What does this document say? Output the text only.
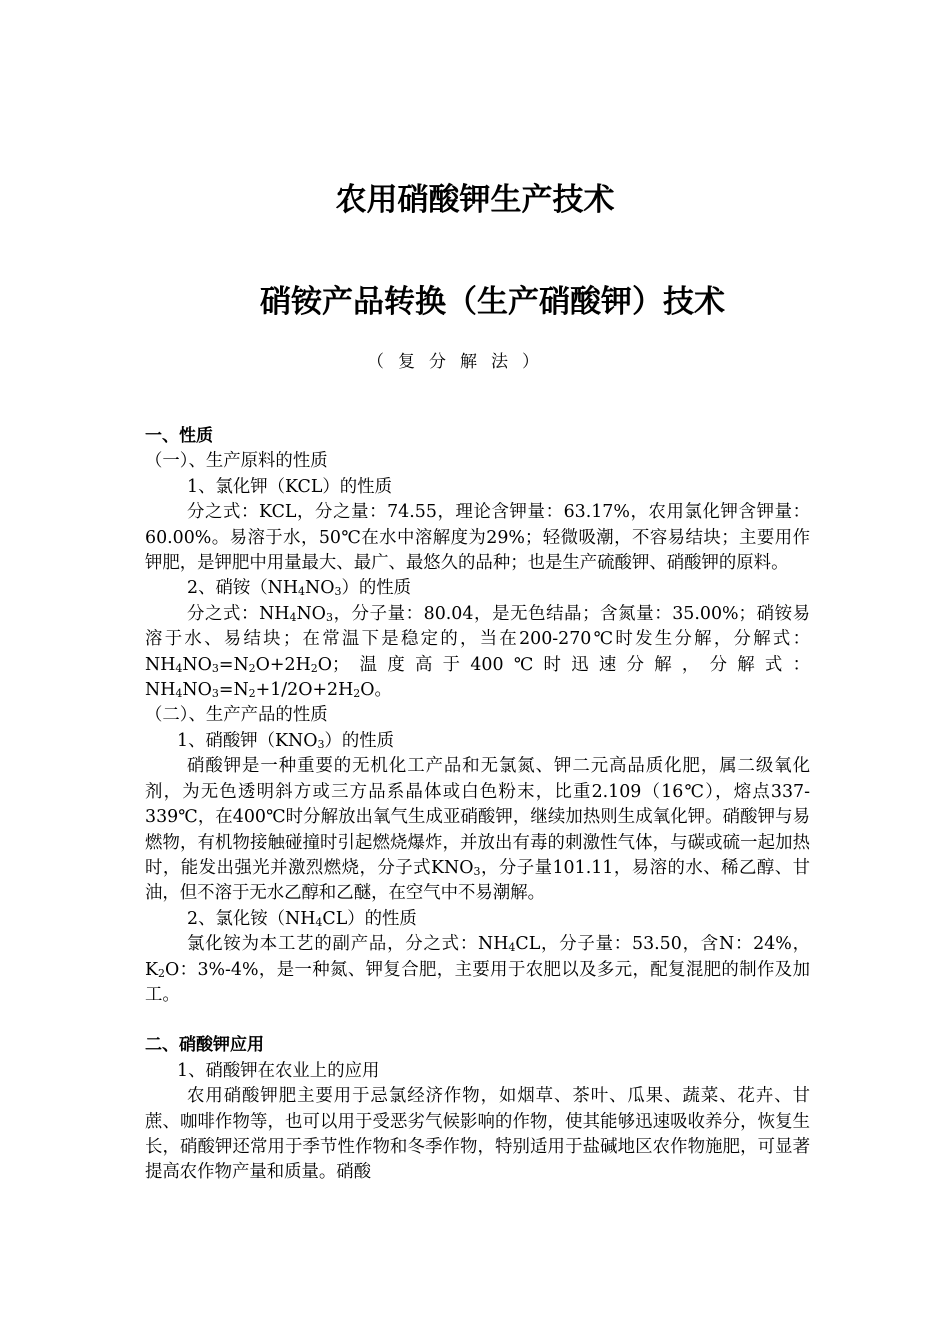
农用硝酸钾生产技术
硝铵产品转换（生产硝酸钾）技术
（复分解法）

一、性质

（一）、生产原料的性质

1、氯化钾（KCL）的性质

分之式：KCL，分之量：74.55，理论含钾量：63.17%，农用氯化钾含钾量：60.00%。易溶于水，50℃在水中溶解度为29%；轻微吸潮，不容易结块；主要用作钾肥，是钾肥中用量最大、最广、最悠久的品种；也是生产硫酸钾、硝酸钾的原料。

2、硝铵$(NH_4NO_3)$的性质

分之式：$NH_4NO_3$，分子量：80.04，是无色结晶；含氮量：35.00%；硝铵易溶于水、易结块；在常温下是稳定的，当在200-270℃时发生分解，分解式：$NH_4NO_3=N_2O+2H_2O$；温度高于400℃时迅速分解，分解式：$NH_4NO_3=N_2+1/2O+2H_2O$。

（二）、生产产品的性质

1、硝酸钾$(KNO_3)$的性质

硝酸钾是一种重要的无机化工产品和无氯氮、钾二元高品质化肥，属二级氧化剂，为无色透明斜方或三方品系晶体或白色粉末，比重2.109（16℃），熔点337-339℃，在400℃时分解放出氧气生成亚硝酸钾，继续加热则生成氧化钾。硝酸钾与易燃物，有机物接触碰撞时引起燃烧爆炸，并放出有毒的刺激性气体，与碳或硫一起加热时，能发出强光并激烈燃烧，分子式$KNO_3$，分子量101.11，易溶的水、稀乙醇、甘油，但不溶于无水乙醇和乙醚，在空气中不易潮解。

2、氯化铵$(NH_4CL)$的性质

氯化铵为本工艺的副产品，分之式：$NH_4CL$，分子量：53.50，含N：24%，$K_2O$：3%-4%，是一种氮、钾复合肥，主要用于农肥以及多元，配复混肥的制作及加工。

二、硝酸钾应用

1、硝酸钾在农业上的应用

农用硝酸钾肥主要用于忌氯经济作物，如烟草、茶叶、瓜果、蔬菜、花卉、甘蔗、咖啡作物等，也可以用于受恶劣气候影响的作物，使其能够迅速吸收养分，恢复生长，硝酸钾还常用于季节性作物和冬季作物，特别适用于盐碱地区农作物施肥，可显著提高农作物产量和质量。硝酸
